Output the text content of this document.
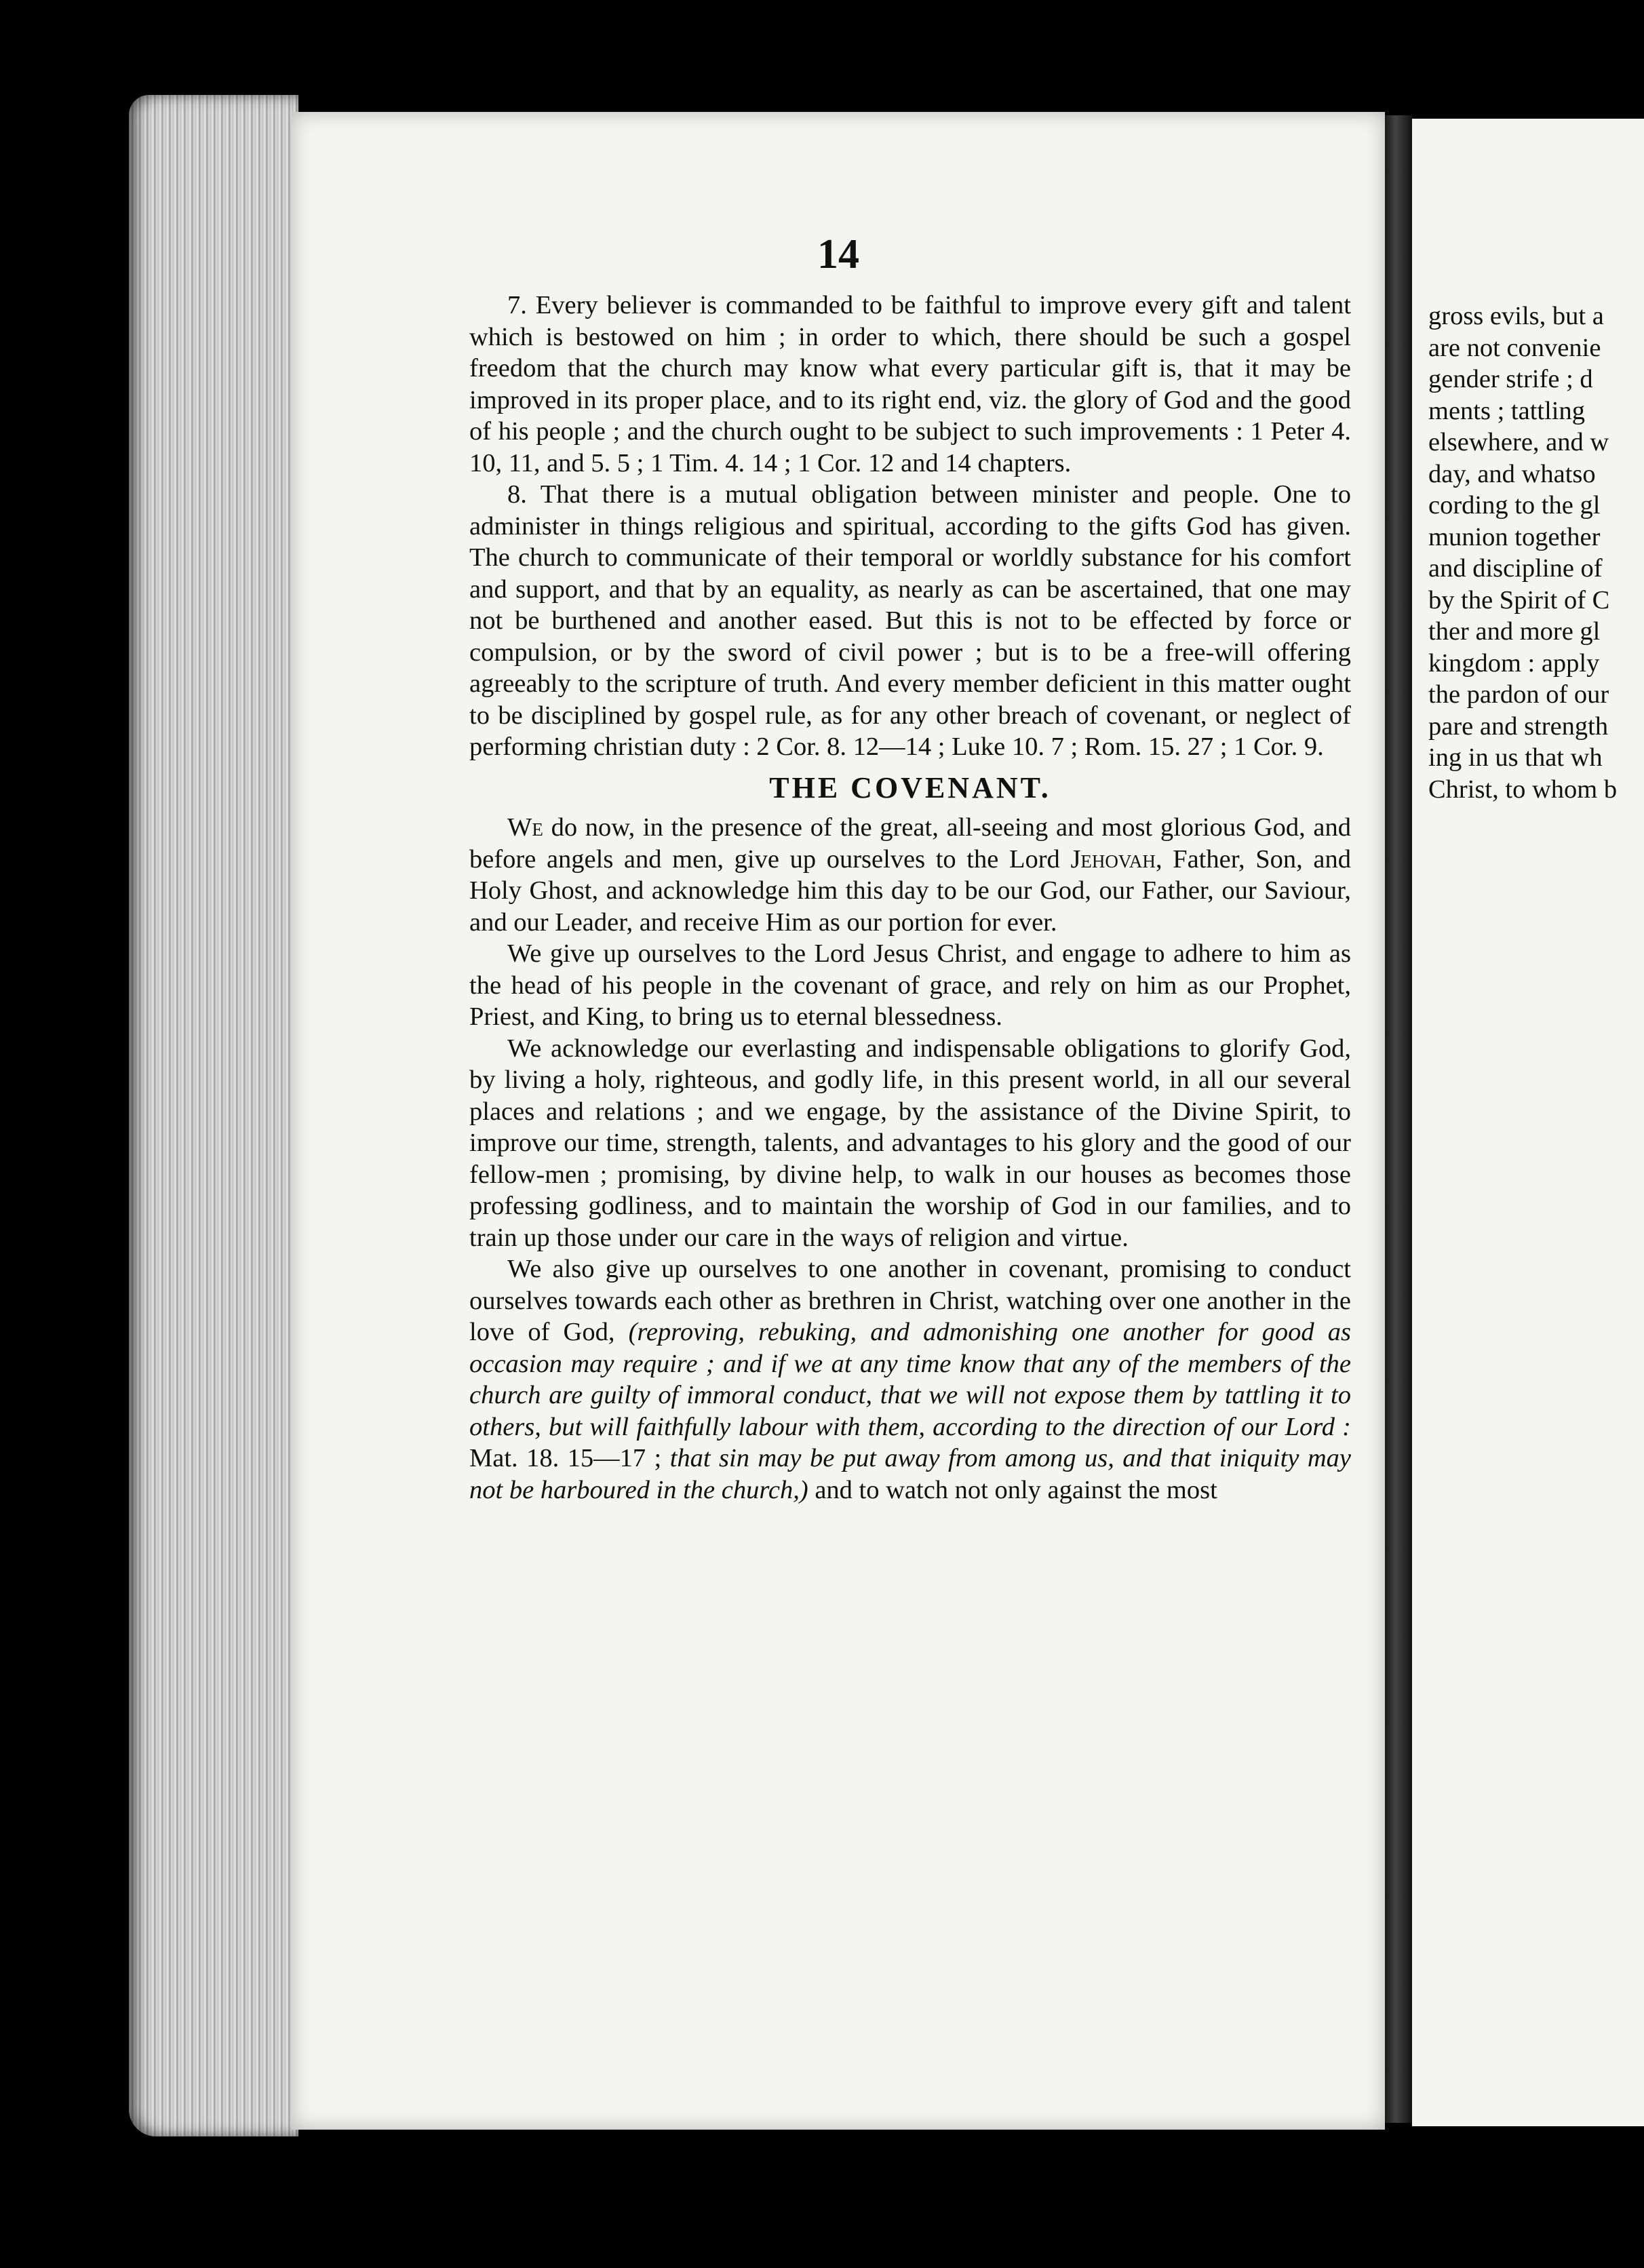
14

7. Every believer is commanded to be faithful to improve every gift and talent which is bestowed on him ; in order to which, there should be such a gospel freedom that the church may know what every particular gift is, that it may be improved in its proper place, and to its right end, viz. the glory of God and the good of his people ; and the church ought to be subject to such improvements : 1 Peter 4. 10, 11, and 5. 5 ; 1 Tim. 4. 14 ; 1 Cor. 12 and 14 chapters.

8. That there is a mutual obligation between minister and people. One to administer in things religious and spiritual, according to the gifts God has given. The church to communicate of their temporal or worldly substance for his comfort and support, and that by an equality, as nearly as can be ascertained, that one may not be burthened and another eased. But this is not to be effected by force or compulsion, or by the sword of civil power ; but is to be a free-will offering agreeably to the scripture of truth. And every member deficient in this matter ought to be disciplined by gospel rule, as for any other breach of covenant, or neglect of performing christian duty : 2 Cor. 8. 12—14 ; Luke 10. 7 ; Rom. 15. 27 ; 1 Cor. 9.

THE COVENANT.

We do now, in the presence of the great, all-seeing and most glorious God, and before angels and men, give up ourselves to the Lord Jehovah, Father, Son, and Holy Ghost, and acknowledge him this day to be our God, our Father, our Saviour, and our Leader, and receive Him as our portion for ever.

We give up ourselves to the Lord Jesus Christ, and engage to adhere to him as the head of his people in the covenant of grace, and rely on him as our Prophet, Priest, and King, to bring us to eternal blessedness.

We acknowledge our everlasting and indispensable obligations to glorify God, by living a holy, righteous, and godly life, in this present world, in all our several places and relations ; and we engage, by the assistance of the Divine Spirit, to improve our time, strength, talents, and advantages to his glory and the good of our fellow-men ; promising, by divine help, to walk in our houses as becomes those professing godliness, and to maintain the worship of God in our families, and to train up those under our care in the ways of religion and virtue.

We also give up ourselves to one another in covenant, promising to conduct ourselves towards each other as brethren in Christ, watching over one another in the love of God, (reproving, rebuking, and admonishing one another for good as occasion may require ; and if we at any time know that any of the members of the church are guilty of immoral conduct, that we will not expose them by tattling it to others, but will faithfully labour with them, according to the direction of our Lord : Mat. 18. 15—17 ; that sin may be put away from among us, and that iniquity may not be harboured in the church,) and to watch not only against the most

gross evils, but a
are not convenie
gender strife ; d
ments ; tattling
elsewhere, and w
day, and whatso
cording to the gl
munion together
and discipline of
by the Spirit of C
ther and more gl
kingdom : apply
the pardon of our
pare and strength
ing in us that wh
Christ, to whom b
